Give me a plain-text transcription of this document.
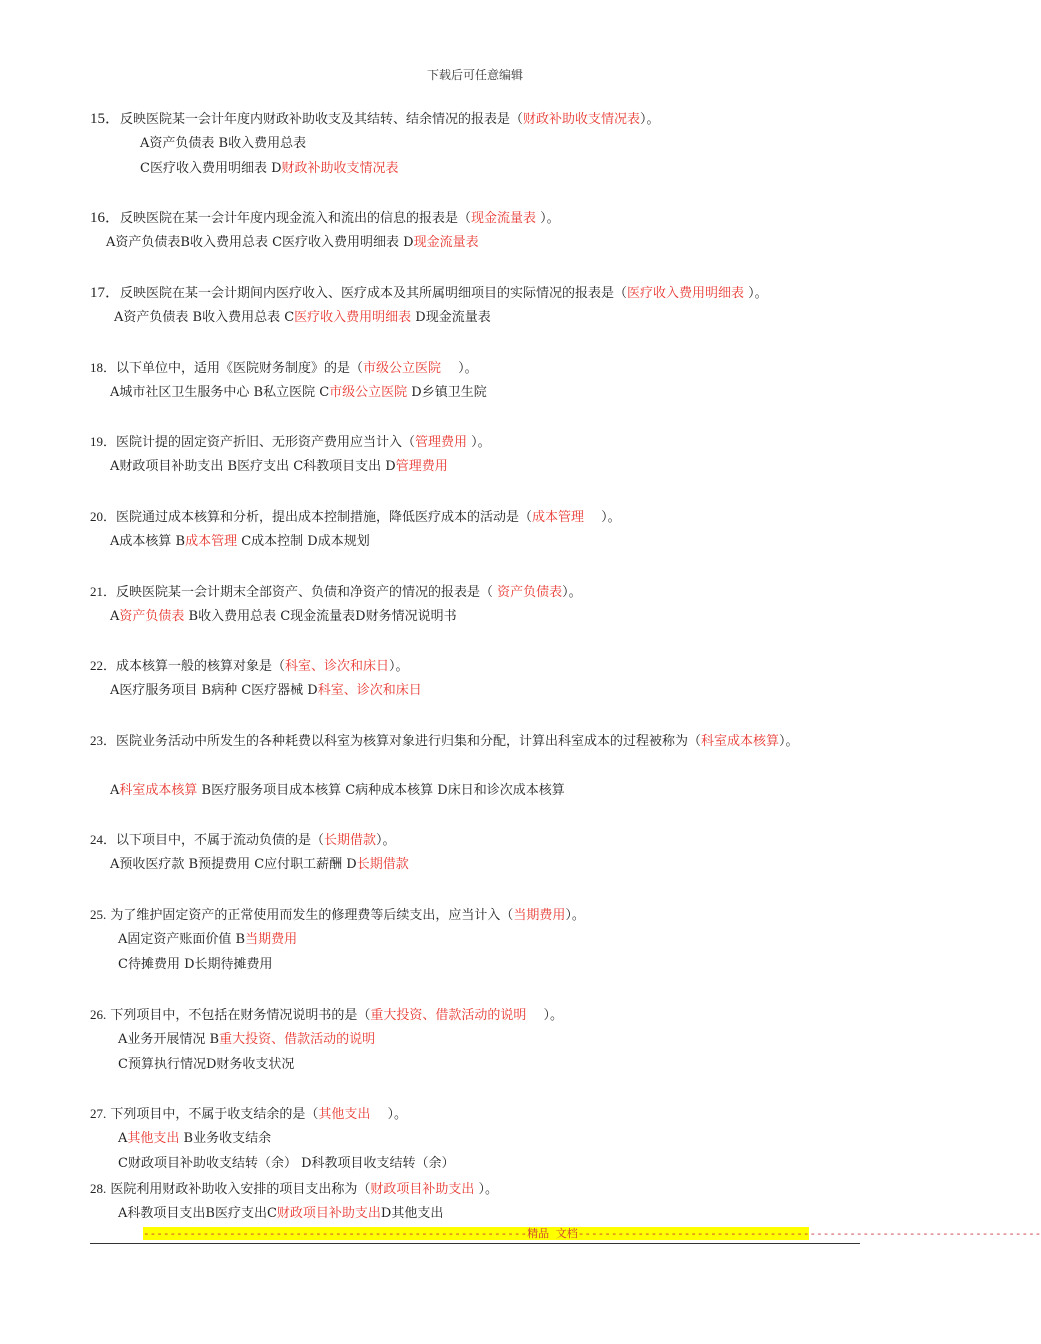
下载后可任意编辑
15．反映医院某一会计年度内财政补助收支及其结转、结余情况的报表是（财政补助收支情况表）。
A资产负债表 B收入费用总表
C医疗收入费用明细表 D财政补助收支情况表
16．反映医院在某一会计年度内现金流入和流出的信息的报表是（现金流量表 ）。
A资产负债表B收入费用总表 C医疗收入费用明细表 D现金流量表
17．反映医院在某一会计期间内医疗收入、医疗成本及其所属明细项目的实际情况的报表是（医疗收入费用明细表 ）。
A资产负债表 B收入费用总表 C医疗收入费用明细表 D现金流量表
18．以下单位中，适用《医院财务制度》的是（市级公立医院　 ）。
A城市社区卫生服务中心 B私立医院 C市级公立医院 D乡镇卫生院
19．医院计提的固定资产折旧、无形资产费用应当计入（管理费用 ）。
A财政项目补助支出 B医疗支出 C科教项目支出 D管理费用
20．医院通过成本核算和分析，提出成本控制措施，降低医疗成本的活动是（成本管理　 ）。
A成本核算 B成本管理 C成本控制 D成本规划
21．反映医院某一会计期末全部资产、负债和净资产的情况的报表是（ 资产负债表）。
A资产负债表 B收入费用总表 C现金流量表D财务情况说明书
22．成本核算一般的核算对象是（科室、诊次和床日）。
A医疗服务项目 B病种 C医疗器械 D科室、诊次和床日
23．医院业务活动中所发生的各种耗费以科室为核算对象进行归集和分配，计算出科室成本的过程被称为（科室成本核算）。
A科室成本核算 B医疗服务项目成本核算 C病种成本核算 D床日和诊次成本核算
24．以下项目中，不属于流动负债的是（长期借款）。
A预收医疗款 B预提费用 C应付职工薪酬 D长期借款
25. 为了维护固定资产的正常使用而发生的修理费等后续支出，应当计入（当期费用）。
A固定资产账面价值 B当期费用
C待摊费用 D长期待摊费用
26. 下列项目中，不包括在财务情况说明书的是（重大投资、借款活动的说明　 ）。
A业务开展情况 B重大投资、借款活动的说明
C预算执行情况D财务收支状况
27. 下列项目中，不属于收支结余的是（其他支出　 ）。
A其他支出 B业务收支结余
C财政项目补助收支结转（余） D科教项目收支结转（余）
28. 医院利用财政补助收入安排的项目支出称为（财政项目补助支出 ）。
A科教项目支出B医疗支出C财政项目补助支出D其他支出
----------------------------------------------------------精品 文档----------------------------------------------------------------------
